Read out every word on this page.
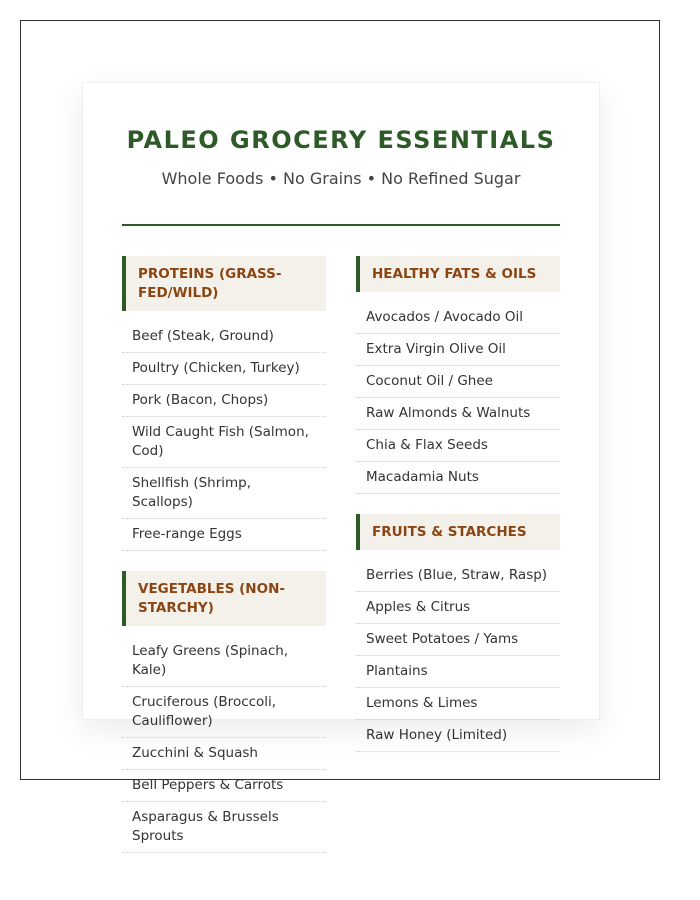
PALEO GROCERY ESSENTIALS

Whole Foods • No Grains • No Refined Sugar

PROTEINS (GRASS-FED/WILD)
Beef (Steak, Ground)
Poultry (Chicken, Turkey)
Pork (Bacon, Chops)
Wild Caught Fish (Salmon, Cod)
Shellfish (Shrimp, Scallops)
Free-range Eggs
VEGETABLES (NON-STARCHY)
Leafy Greens (Spinach, Kale)
Cruciferous (Broccoli, Cauliflower)
Zucchini & Squash
Bell Peppers & Carrots
Asparagus & Brussels Sprouts
HEALTHY FATS & OILS
Avocados / Avocado Oil
Extra Virgin Olive Oil
Coconut Oil / Ghee
Raw Almonds & Walnuts
Chia & Flax Seeds
Macadamia Nuts
FRUITS & STARCHES
Berries (Blue, Straw, Rasp)
Apples & Citrus
Sweet Potatoes / Yams
Plantains
Lemons & Limes
Raw Honey (Limited)
